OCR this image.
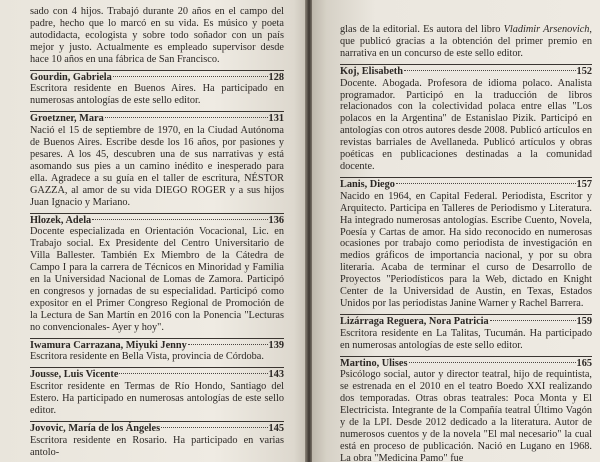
sado con 4 hijos. Trabajó durante 20 años en el campo del padre, hecho que lo marcó en su vida. Es músico y poeta autodidacta, ecologista y sobre todo soñador con un país mejor y justo. Actualmente es empleado supervisor desde hace 10 años en una fábrica de San Francisco.
Gourdin, Gabriela	128
Escritora residente en Buenos Aires. Ha participado en numerosas antologías de este sello editor.
Groetzner, Mara	131
Nació el 15 de septiembre de 1970, en la Ciudad Autónoma de Buenos Aires. Escribe desde los 16 años, por pasiones y pesares. A los 45, descubren una de sus narrativas y está asomando sus pies a un camino inédito e inesperado para ella. Agradece a su guía en el taller de escritura, NÉSTOR GAZZA, al amor de su vida DIEGO ROGER y a sus hijos Juan Ignacio y Mariano.
Hlozek, Adela	136
Docente especializada en Orientación Vocacional, Lic. en Trabajo social. Ex Presidente del Centro Universitario de Villa Ballester. También Ex Miembro de la Cátedra de Campo I para la carrera de Técnicos en Minoridad y Familia en la Universidad Nacional de Lomas de Zamora. Participó en congresos y jornadas de su especialidad. Participó como expositor en el Primer Congreso Regional de Promoción de la Lectura de San Martín en 2016 con la Ponencia "Lecturas no convencionales- Ayer y hoy".
Iwamura Carrazana, Miyuki Jenny	139
Escritora residente en Bella Vista, provincia de Córdoba.
Jousse, Luis Vicente	143
Escritor residente en Termas de Río Hondo, Santiago del Estero. Ha participado en numerosas antologías de este sello editor.
Jovovic, María de los Ángeles	145
Escritora residente en Rosario. Ha participado en varias antolo-
glas de la editorial. Es autora del libro Vladimir Arsenovich, que publicó gracias a la obtención del primer premio en narrativa en un concurso de este sello editor.
Koj, Elisabeth	152
Docente. Abogada. Profesora de idioma polaco. Analista programador. Participó en la traducción de libros relacionados con la colectividad polaca entre ellas "Los polacos en la Argentina" de Estanislao Pizik. Participó en antologías con otros autores desde 2008. Publicó artículos en revistas barriales de Avellaneda. Publicó artículos y obras poéticas en publicaciones destinadas a la comunidad docente.
Lanis, Diego	157
Nacido en 1964, en Capital Federal. Periodista, Escritor y Arquitecto. Participa en Talleres de Periodismo y Literatura. Ha integrado numerosas antologías. Escribe Cuento, Novela, Poesía y Cartas de amor. Ha sido reconocido en numerosas ocasiones por trabajo como periodista de investigación en medios gráficos de importancia nacional, y por su obra literaria. Acaba de terminar el curso de Desarrollo de Proyectos "Periodísticos para la Web, dictado en Knight Center de la Universidad de Austin, en Texas, Estados Unidos por las periodistas Janine Warner y Rachel Barrera.
Lizárraga Reguera, Nora Patricia	159
Escritora residente en La Talitas, Tucumán. Ha participado en numerosas antologías de este sello editor.
Martino, Ulises	165
Psicólogo social, autor y director teatral, hijo de requintista, se estrenada en el 2010 en el teatro Boedo XXI realizando dos temporadas. Otras obras teatrales: Poca Monta y El Electricista. Integrante de la Compañía teatral Último Vagón y de la LPI. Desde 2012 dedicado a la literatura. Autor de numerosos cuentos y de la novela "El mal necesario" la cual está en proceso de publicación. Nació en Lugano en 1968. La obra "Medicina Pamo" fue
